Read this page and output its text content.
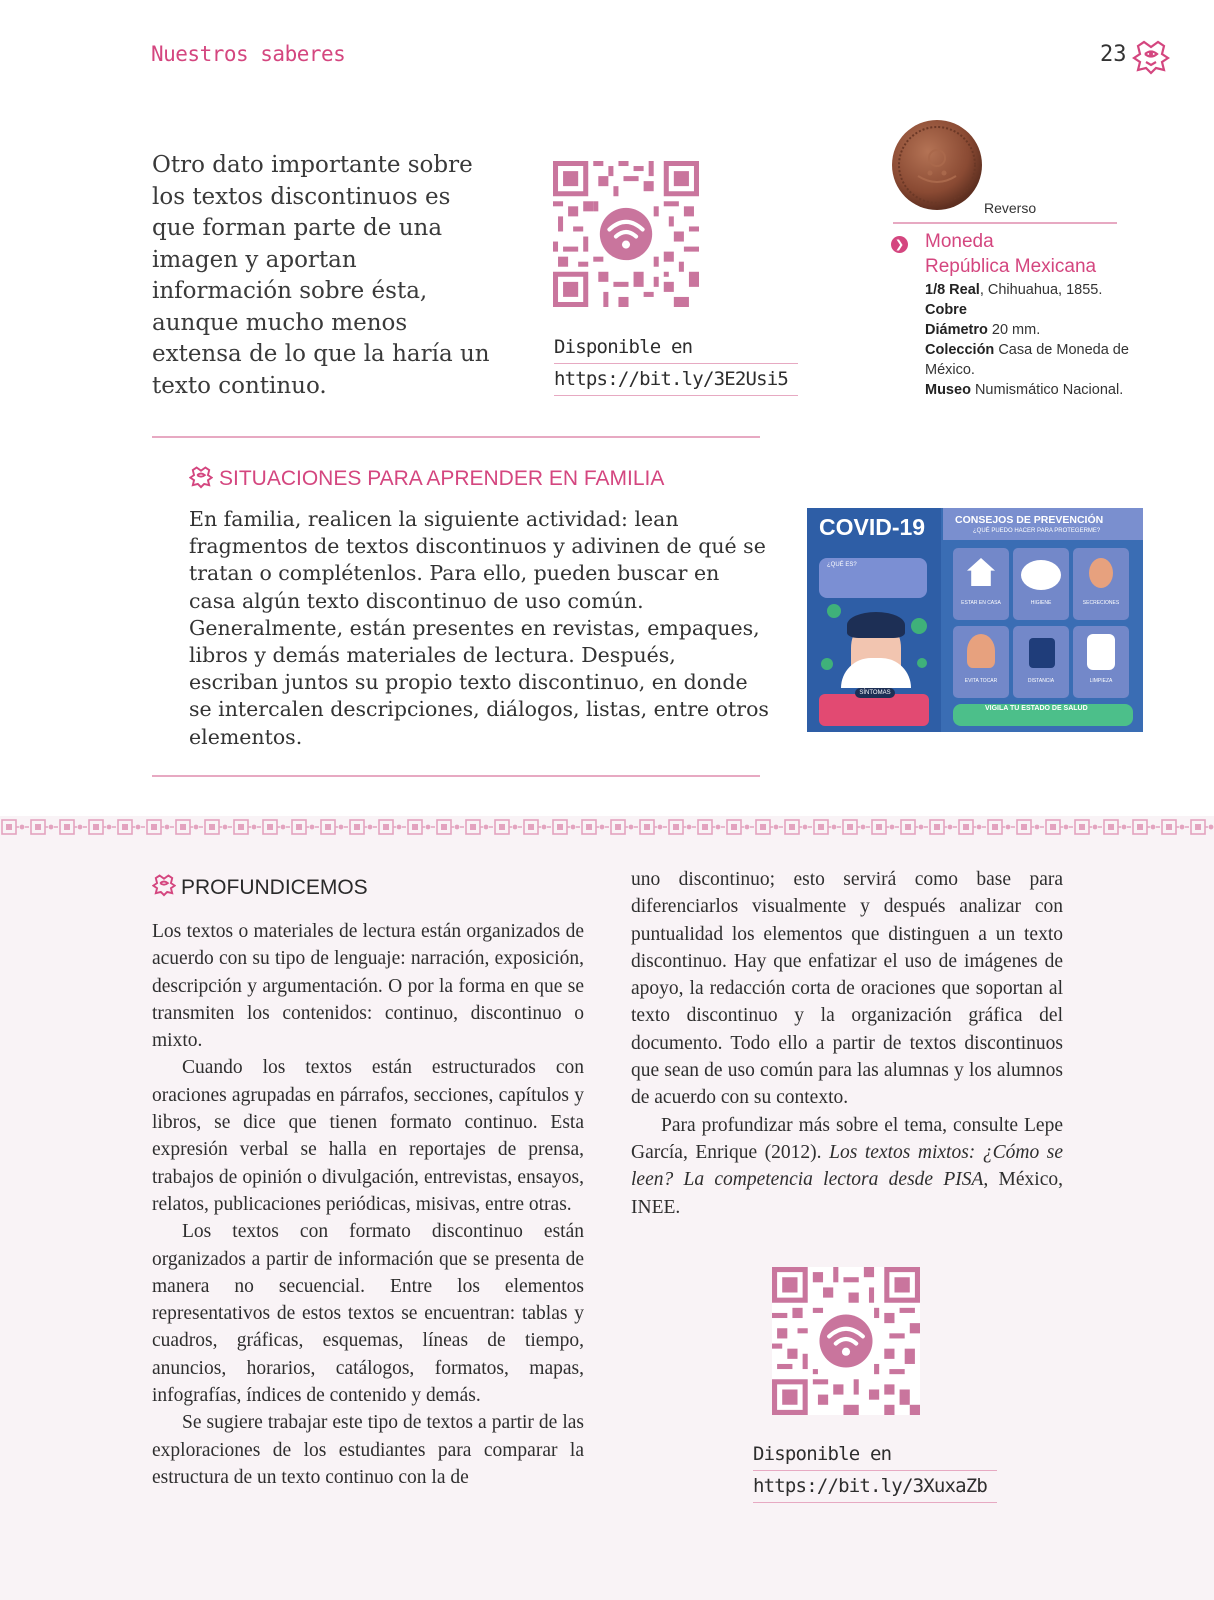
Nuestros saberes	23
Otro dato importante sobre los textos discontinuos es que forman parte de una imagen y aportan información sobre ésta, aunque mucho menos extensa de lo que la haría un texto continuo.
Disponible en
https://bit.ly/3E2Usi5
Reverso
❯ Moneda
República Mexicana
1/8 Real, Chihuahua, 1855.
Cobre
Diámetro 20 mm.
Colección Casa de Moneda de México.
Museo Numismático Nacional.
SITUACIONES PARA APRENDER EN FAMILIA
En familia, realicen la siguiente actividad: lean fragmentos de textos discontinuos y adivinen de qué se tratan o complétenlos. Para ello, pueden buscar en casa algún texto discontinuo de uso común. Generalmente, están presentes en revistas, empaques, libros y demás materiales de lectura. Después, escriban juntos su propio texto discontinuo, en donde se intercalen descripciones, diálogos, listas, entre otros elementos.
COVID-19	CONSEJOS DE PREVENCIÓN
¿QUÉ PUEDO HACER PARA PROTEGERME?
¿QUÉ ES?
SÍNTOMAS
ESTAR EN CASA	HIGIENE	SECRECIONES
EVITA TOCAR	DISTANCIA	LIMPIEZA
VIGILA TU ESTADO DE SALUD
PROFUNDICEMOS

Los textos o materiales de lectura están organizados de acuerdo con su tipo de lenguaje: narración, exposición, descripción y argumentación. O por la forma en que se transmiten los contenidos: continuo, discontinuo o mixto.

Cuando los textos están estructurados con oraciones agrupadas en párrafos, secciones, capítulos y libros, se dice que tienen formato continuo. Esta expresión verbal se halla en reportajes de prensa, trabajos de opinión o divulgación, entrevistas, ensayos, relatos, publicaciones periódicas, misivas, entre otras.

Los textos con formato discontinuo están organizados a partir de información que se presenta de manera no secuencial. Entre los elementos representativos de estos textos se encuentran: tablas y cuadros, gráficas, esquemas, líneas de tiempo, anuncios, horarios, catálogos, formatos, mapas, infografías, índices de contenido y demás.

Se sugiere trabajar este tipo de textos a partir de las exploraciones de los estudiantes para comparar la estructura de un texto continuo con la de

uno discontinuo; esto servirá como base para diferenciarlos visualmente y después analizar con puntualidad los elementos que distinguen a un texto discontinuo. Hay que enfatizar el uso de imágenes de apoyo, la redacción corta de oraciones que soportan al texto discontinuo y la organización gráfica del documento. Todo ello a partir de textos discontinuos que sean de uso común para las alumnas y los alumnos de acuerdo con su contexto.

Para profundizar más sobre el tema, consulte Lepe García, Enrique (2012). Los textos mixtos: ¿Cómo se leen? La competencia lectora desde PISA, México, INEE.

Disponible en
https://bit.ly/3XuxaZb
